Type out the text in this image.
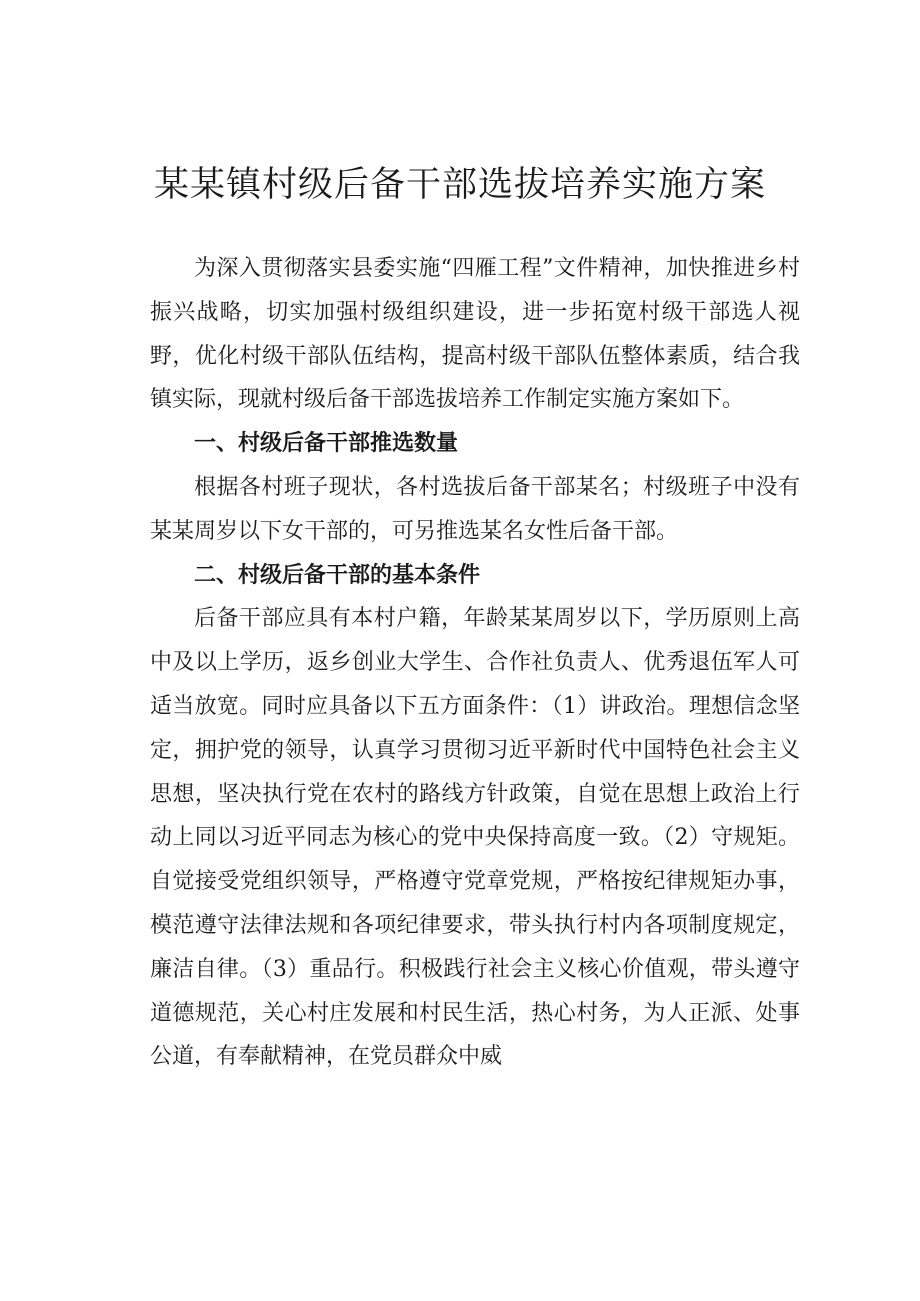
某某镇村级后备干部选拔培养实施方案

为深入贯彻落实县委实施“四雁工程”文件精神，加快推进乡村振兴战略，切实加强村级组织建设，进一步拓宽村级干部选人视野，优化村级干部队伍结构，提高村级干部队伍整体素质，结合我镇实际，现就村级后备干部选拔培养工作制定实施方案如下。

一、村级后备干部推选数量

根据各村班子现状，各村选拔后备干部某名；村级班子中没有某某周岁以下女干部的，可另推选某名女性后备干部。

二、村级后备干部的基本条件

后备干部应具有本村户籍，年龄某某周岁以下，学历原则上高中及以上学历，返乡创业大学生、合作社负责人、优秀退伍军人可适当放宽。同时应具备以下五方面条件：（1）讲政治。理想信念坚定，拥护党的领导，认真学习贯彻习近平新时代中国特色社会主义思想，坚决执行党在农村的路线方针政策，自觉在思想上政治上行动上同以习近平同志为核心的党中央保持高度一致。（2）守规矩。自觉接受党组织领导，严格遵守党章党规，严格按纪律规矩办事，模范遵守法律法规和各项纪律要求，带头执行村内各项制度规定，廉洁自律。（3）重品行。积极践行社会主义核心价值观，带头遵守道德规范，关心村庄发展和村民生活，热心村务，为人正派、处事公道，有奉献精神，在党员群众中威
